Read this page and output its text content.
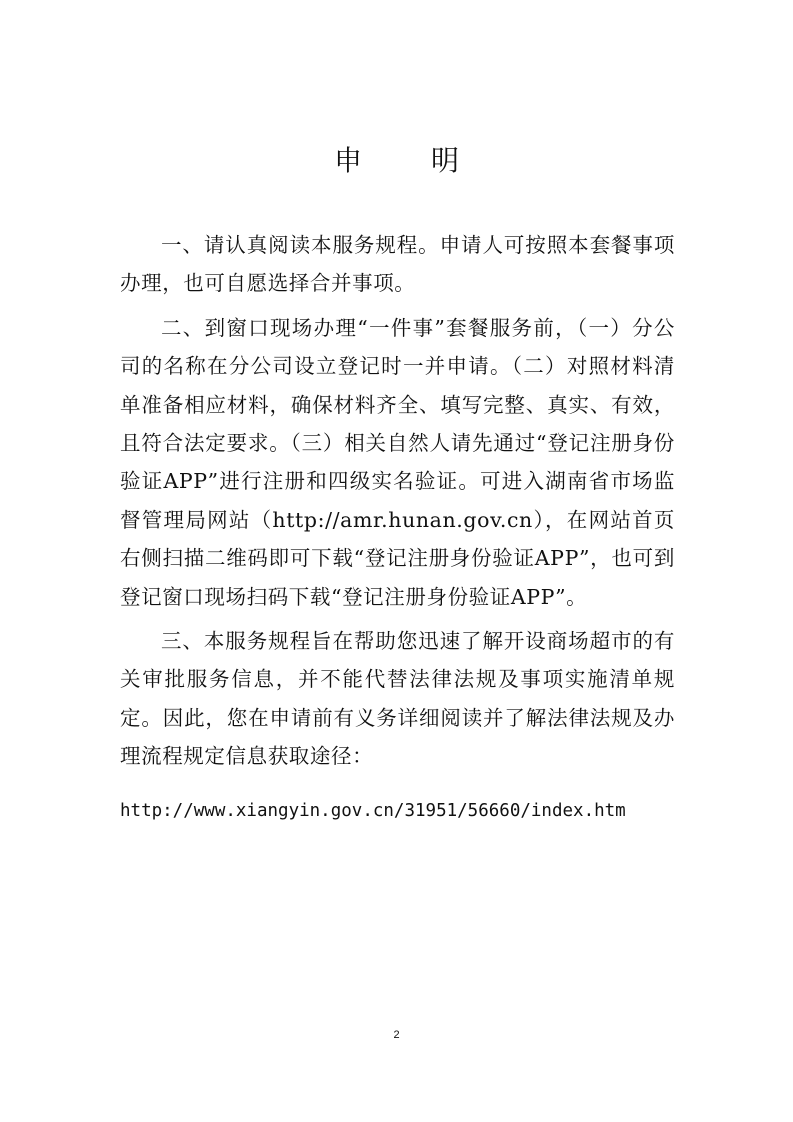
申 明

一、请认真阅读本服务规程。申请人可按照本套餐事项办理，也可自愿选择合并事项。

二、到窗口现场办理“一件事”套餐服务前，（一）分公司的名称在分公司设立登记时一并申请。（二）对照材料清单准备相应材料，确保材料齐全、填写完整、真实、有效，且符合法定要求。（三）相关自然人请先通过“登记注册身份验证APP”进行注册和四级实名验证。可进入湖南省市场监督管理局网站（http://amr.hunan.gov.cn），在网站首页右侧扫描二维码即可下载“登记注册身份验证APP”，也可到登记窗口现场扫码下载“登记注册身份验证APP”。

三、本服务规程旨在帮助您迅速了解开设商场超市的有关审批服务信息，并不能代替法律法规及事项实施清单规定。因此，您在申请前有义务详细阅读并了解法律法规及办理流程规定信息获取途径：

http://www.xiangyin.gov.cn/31951/56660/index.htm
2
